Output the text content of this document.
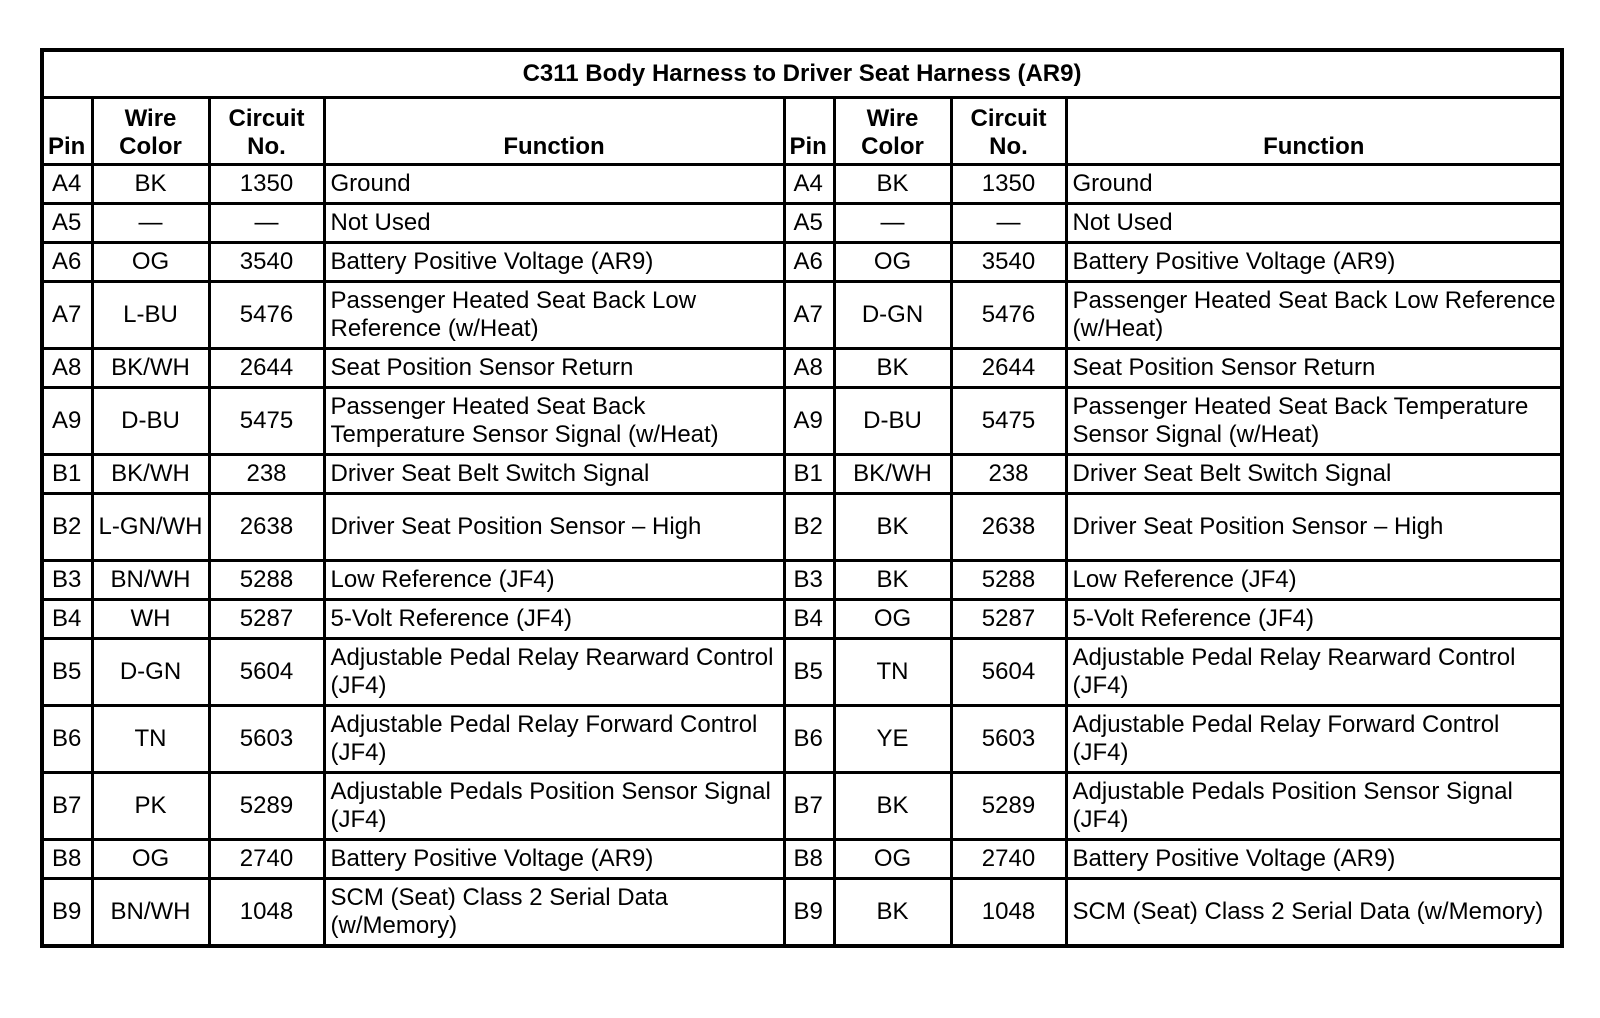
C311 Body Harness to Driver Seat Harness (AR9)							
Pin	Wire Color	Circuit No.	Function	Pin	Wire Color	Circuit No.	Function
A4	BK	1350	Ground	A4	BK	1350	Ground
A5	—	—	Not Used	A5	—	—	Not Used
A6	OG	3540	Battery Positive Voltage (AR9)	A6	OG	3540	Battery Positive Voltage (AR9)
A7	L-BU	5476	Passenger Heated Seat Back Low Reference (w/Heat)	A7	D-GN	5476	Passenger Heated Seat Back Low Reference (w/Heat)
A8	BK/WH	2644	Seat Position Sensor Return	A8	BK	2644	Seat Position Sensor Return
A9	D-BU	5475	Passenger Heated Seat Back Temperature Sensor Signal (w/Heat)	A9	D-BU	5475	Passenger Heated Seat Back Temperature Sensor Signal (w/Heat)
B1	BK/WH	238	Driver Seat Belt Switch Signal	B1	BK/WH	238	Driver Seat Belt Switch Signal
B2	L-GN/WH	2638	Driver Seat Position Sensor – High	B2	BK	2638	Driver Seat Position Sensor – High
B3	BN/WH	5288	Low Reference (JF4)	B3	BK	5288	Low Reference (JF4)
B4	WH	5287	5-Volt Reference (JF4)	B4	OG	5287	5-Volt Reference (JF4)
B5	D-GN	5604	Adjustable Pedal Relay Rearward Control (JF4)	B5	TN	5604	Adjustable Pedal Relay Rearward Control (JF4)
B6	TN	5603	Adjustable Pedal Relay Forward Control (JF4)	B6	YE	5603	Adjustable Pedal Relay Forward Control (JF4)
B7	PK	5289	Adjustable Pedals Position Sensor Signal (JF4)	B7	BK	5289	Adjustable Pedals Position Sensor Signal (JF4)
B8	OG	2740	Battery Positive Voltage (AR9)	B8	OG	2740	Battery Positive Voltage (AR9)
B9	BN/WH	1048	SCM (Seat) Class 2 Serial Data (w/Memory)	B9	BK	1048	SCM (Seat) Class 2 Serial Data (w/Memory)
